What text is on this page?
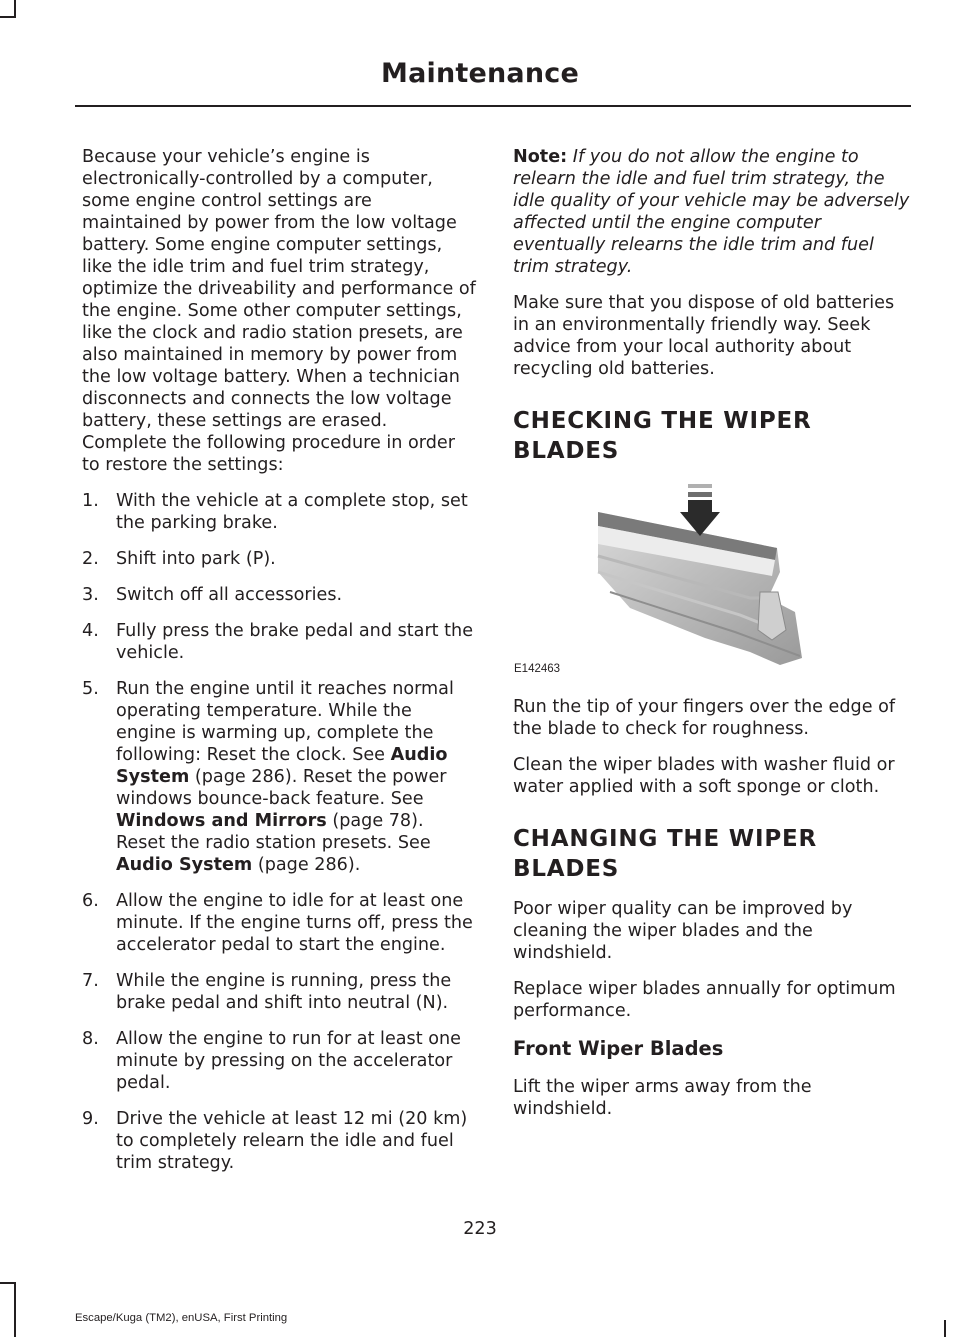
Maintenance

Because your vehicle’s engine is electronically-controlled by a computer, some engine control settings are maintained by power from the low voltage battery. Some engine computer settings, like the idle trim and fuel trim strategy, optimize the driveability and performance of the engine. Some other computer settings, like the clock and radio station presets, are also maintained in memory by power from the low voltage battery. When a technician disconnects and connects the low voltage battery, these settings are erased. Complete the following procedure in order to restore the settings:

1. With the vehicle at a complete stop, set the parking brake.
2. Shift into park (P).
3. Switch off all accessories.
4. Fully press the brake pedal and start the vehicle.
5. Run the engine until it reaches normal operating temperature. While the engine is warming up, complete the following: Reset the clock. See Audio System (page 286). Reset the power windows bounce-back feature. See Windows and Mirrors (page 78). Reset the radio station presets. See Audio System (page 286).
6. Allow the engine to idle for at least one minute. If the engine turns off, press the accelerator pedal to start the engine.
7. While the engine is running, press the brake pedal and shift into neutral (N).
8. Allow the engine to run for at least one minute by pressing on the accelerator pedal.
9. Drive the vehicle at least 12 mi (20 km) to completely relearn the idle and fuel trim strategy.

Note: If you do not allow the engine to relearn the idle and fuel trim strategy, the idle quality of your vehicle may be adversely affected until the engine computer eventually relearns the idle trim and fuel trim strategy.

Make sure that you dispose of old batteries in an environmentally friendly way. Seek advice from your local authority about recycling old batteries.

CHECKING THE WIPER
BLADES
E142463

Run the tip of your fingers over the edge of the blade to check for roughness.

Clean the wiper blades with washer fluid or water applied with a soft sponge or cloth.

CHANGING THE WIPER
BLADES

Poor wiper quality can be improved by cleaning the wiper blades and the windshield.

Replace wiper blades annually for optimum performance.

Front Wiper Blades

Lift the wiper arms away from the windshield.

223
Escape/Kuga (TM2), enUSA, First Printing
